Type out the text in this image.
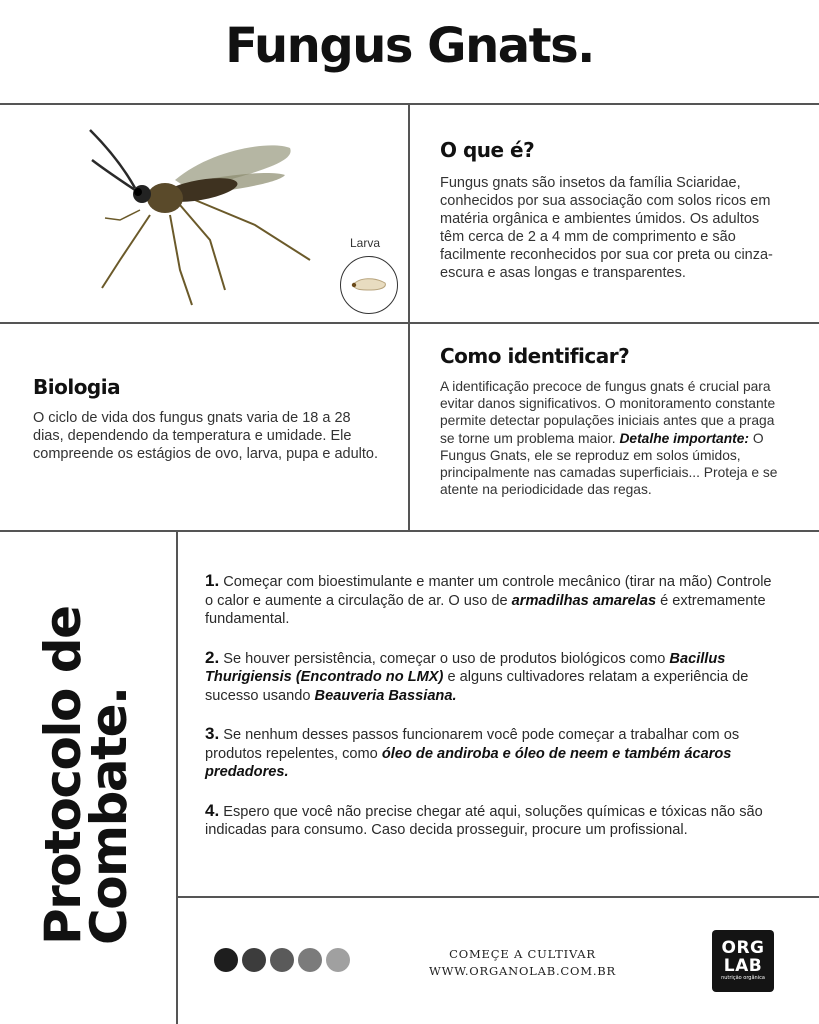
Fungus Gnats.
Larva
O que é?

Fungus gnats são insetos da família Sciaridae, conhecidos por sua associação com solos ricos em matéria orgânica e ambientes úmidos. Os adultos têm cerca de 2 a 4 mm de comprimento e são facilmente reconhecidos por sua cor preta ou cinza-escura e asas longas e transparentes.

Biologia

O ciclo de vida dos fungus gnats varia de 18 a 28 dias, dependendo da temperatura e umidade. Ele compreende os estágios de ovo, larva, pupa e adulto.

Como identificar?

A identificação precoce de fungus gnats é crucial para evitar danos significativos. O monitoramento constante permite detectar populações iniciais antes que a praga se torne um problema maior. Detalhe importante: O Fungus Gnats, ele se reproduz em solos úmidos, principalmente nas camadas superficiais... Proteja e se atente na periodicidade das regas.

Protocolo de
Combate.

1. Começar com bioestimulante e manter um controle mecânico (tirar na mão) Controle o calor e aumente a circulação de ar. O uso de armadilhas amarelas é extremamente fundamental.

2. Se houver persistência, começar o uso de produtos biológicos como Bacillus Thurigiensis (Encontrado no LMX) e alguns cultivadores relatam a experiência de sucesso usando Beauveria Bassiana.

3. Se nenhum desses passos funcionarem você pode começar a trabalhar com os produtos repelentes, como óleo de andiroba e óleo de neem e também ácaros predadores.

4. Espero que você não precise chegar até aqui, soluções químicas e tóxicas não são indicadas para consumo. Caso decida prosseguir, procure um profissional.

COMEÇE A CULTIVAR
WWW.ORGANOLAB.COM.BR
ORG
LAB
nutrição orgânica
